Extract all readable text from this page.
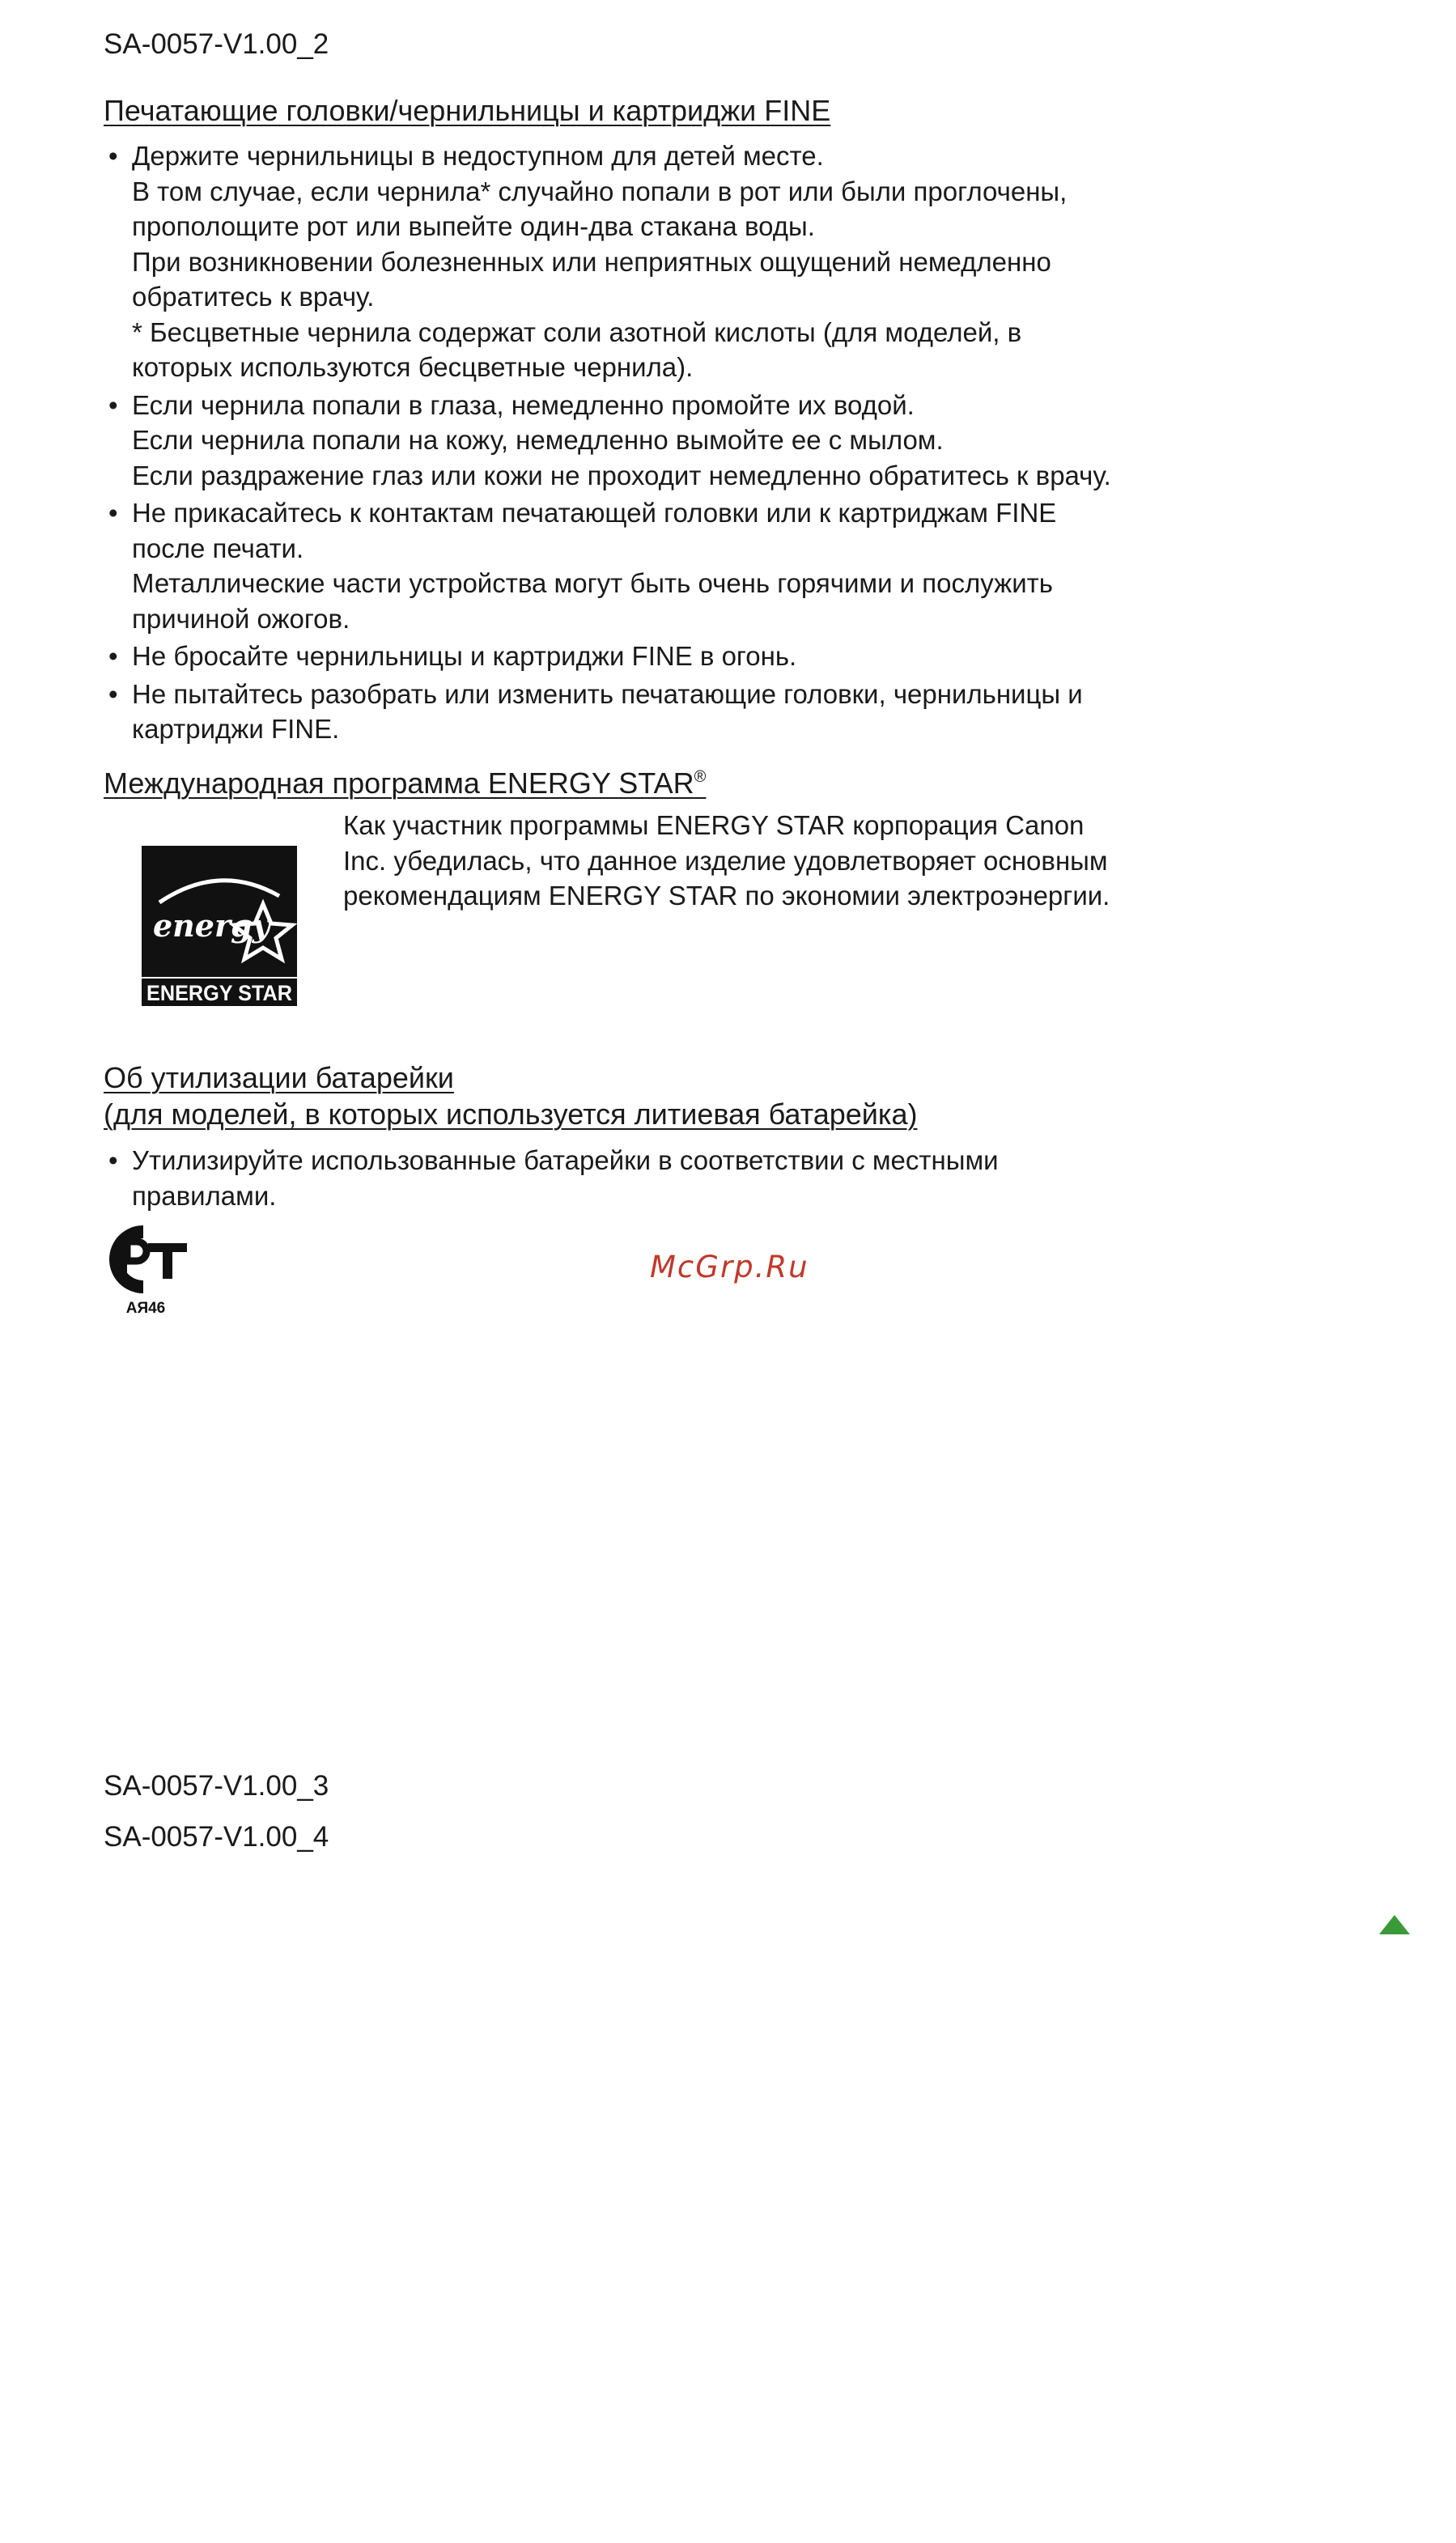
SA-0057-V1.00_2
Печатающие головки/чернильницы и картриджи FINE
• Держите чернильницы в недоступном для детей месте.

В том случае, если чернила* случайно попали в рот или были проглочены,

прополощите рот или выпейте один-два стакана воды.

При возникновении болезненных или неприятных ощущений немедленно

обратитесь к врачу.

* Бесцветные чернила содержат соли азотной кислоты (для моделей, в

которых используются бесцветные чернила).

• Если чернила попали в глаза, немедленно промойте их водой.

Если чернила попали на кожу, немедленно вымойте ее с мылом.

Если раздражение глаз или кожи не проходит немедленно обратитесь к врачу.

• Не прикасайтесь к контактам печатающей головки или к картриджам FINE

после печати.

Металлические части устройства могут быть очень горячими и послужить

причиной ожогов.

• Не бросайте чернильницы и картриджи FINE в огонь.

• Не пытайтесь разобрать или изменить печатающие головки, чернильницы и

картриджи FINE.

Международная программа ENERGY STAR®
energy
ENERGY STAR

Как участник программы ENERGY STAR корпорация Canon

Inc. убедилась, что данное изделие удовлетворяет основным

рекомендациям ENERGY STAR по экономии электроэнергии.

Об утилизации батарейки
(для моделей, в которых используется литиевая батарейка)
• Утилизируйте использованные батарейки в соответствии с местными

правилами.

АЯ46
McGrp.Ru
SA-0057-V1.00_3
SA-0057-V1.00_4
